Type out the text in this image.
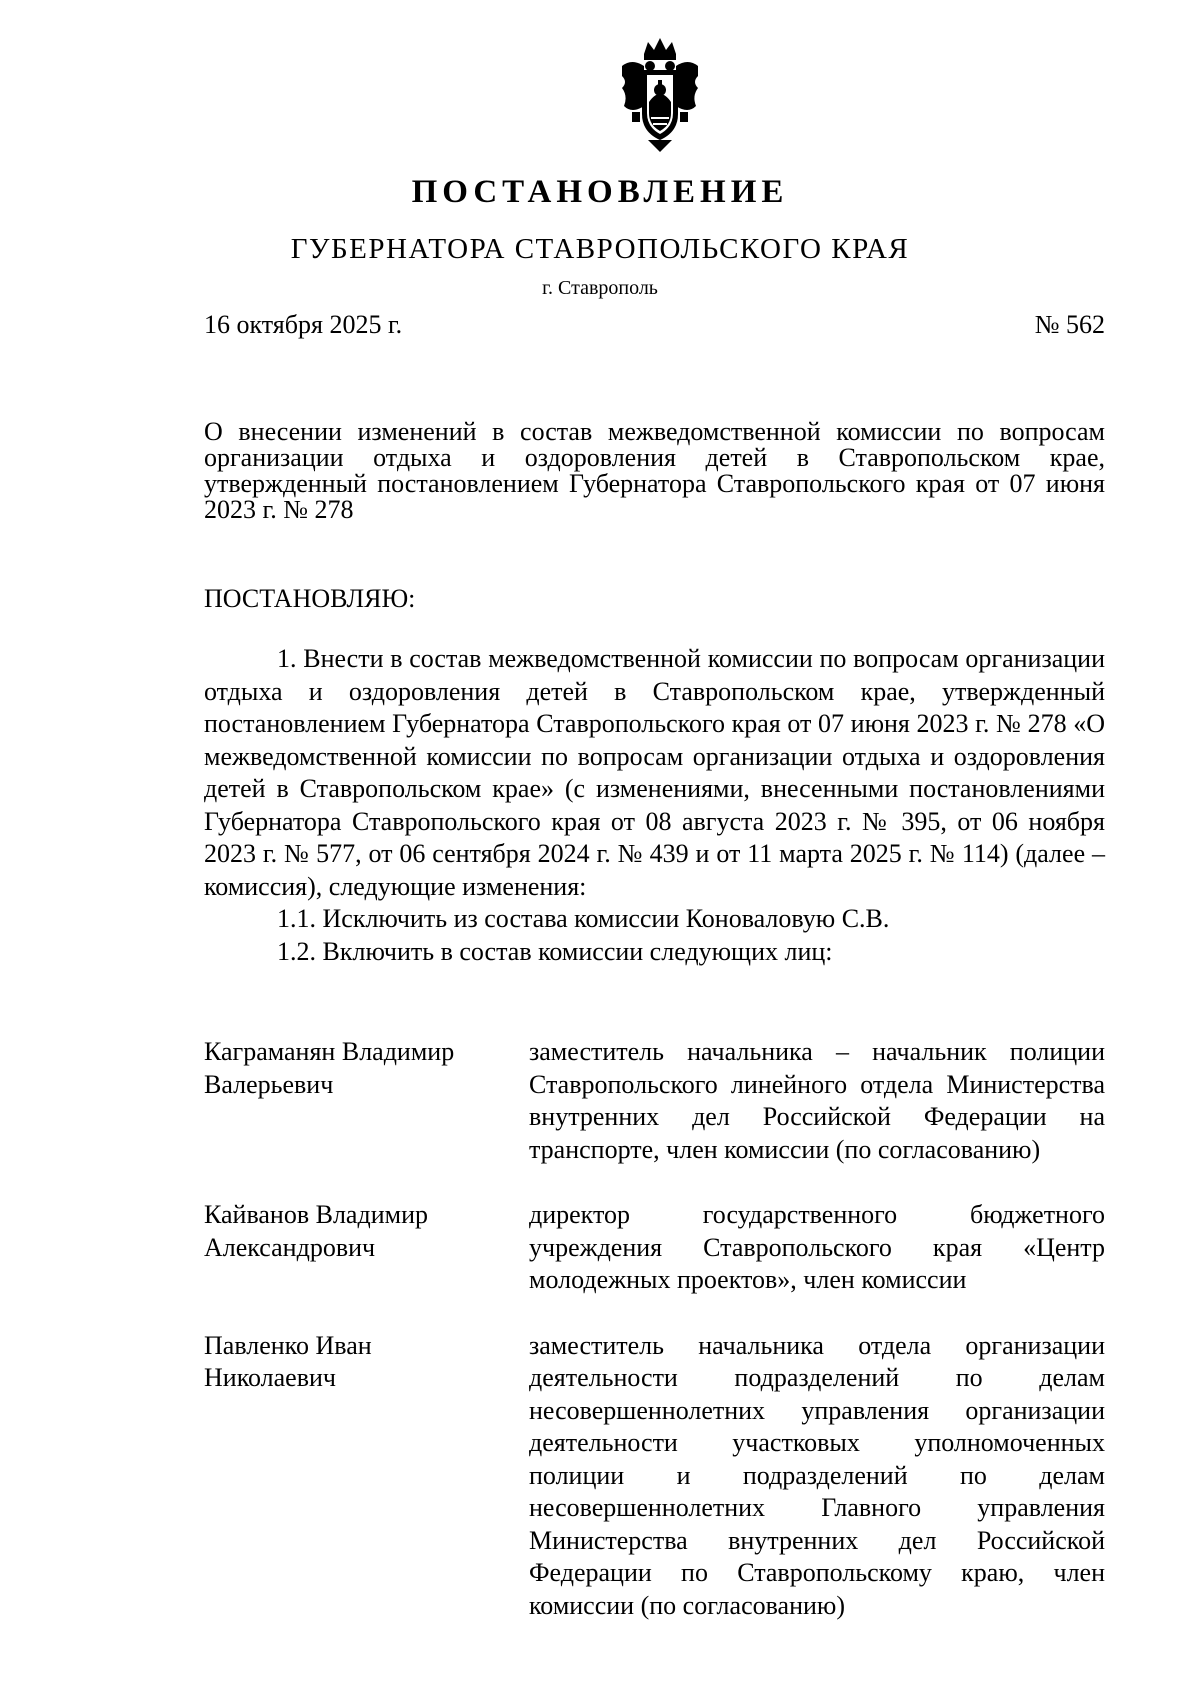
ПОСТАНОВЛЕНИЕ
ГУБЕРНАТОРА СТАВРОПОЛЬСКОГО КРАЯ
г. Ставрополь
16 октября 2025 г.	№ 562
О внесении изменений в состав межведомственной комиссии по вопросам организации отдыха и оздоровления детей в Ставропольском крае, утвержденный постановлением Губернатора Ставропольского края от 07 июня 2023 г. № 278
ПОСТАНОВЛЯЮ:

1. Внести в состав межведомственной комиссии по вопросам организации отдыха и оздоровления детей в Ставропольском крае, утвержденный постановлением Губернатора Ставропольского края от 07 июня 2023 г. № 278 «О межведомственной комиссии по вопросам организации отдыха и оздоровления детей в Ставропольском крае» (с изменениями, внесенными постановлениями Губернатора Ставропольского края от 08 августа 2023 г. № 395, от 06 ноября 2023 г. № 577, от 06 сентября 2024 г. № 439 и от 11 марта 2025 г. № 114) (далее – комиссия), следующие изменения:

1.1. Исключить из состава комиссии Коноваловую С.В.

1.2. Включить в состав комиссии следующих лиц:

Каграманян Владимир
Валерьевич
заместитель начальника – начальник полиции Ставропольского линейного отдела Министерства внутренних дел Российской Федерации на транспорте, член комиссии (по согласованию)
Кайванов Владимир
Александрович
директор государственного бюджетного учреждения Ставропольского края «Центр молодежных проектов», член комиссии
Павленко Иван
Николаевич
заместитель начальника отдела организации деятельности подразделений по делам несовершеннолетних управления организации деятельности участковых уполномоченных полиции и подразделений по делам несовершеннолетних Главного управления Министерства внутренних дел Российской Федерации по Ставропольскому краю, член комиссии (по согласованию)
